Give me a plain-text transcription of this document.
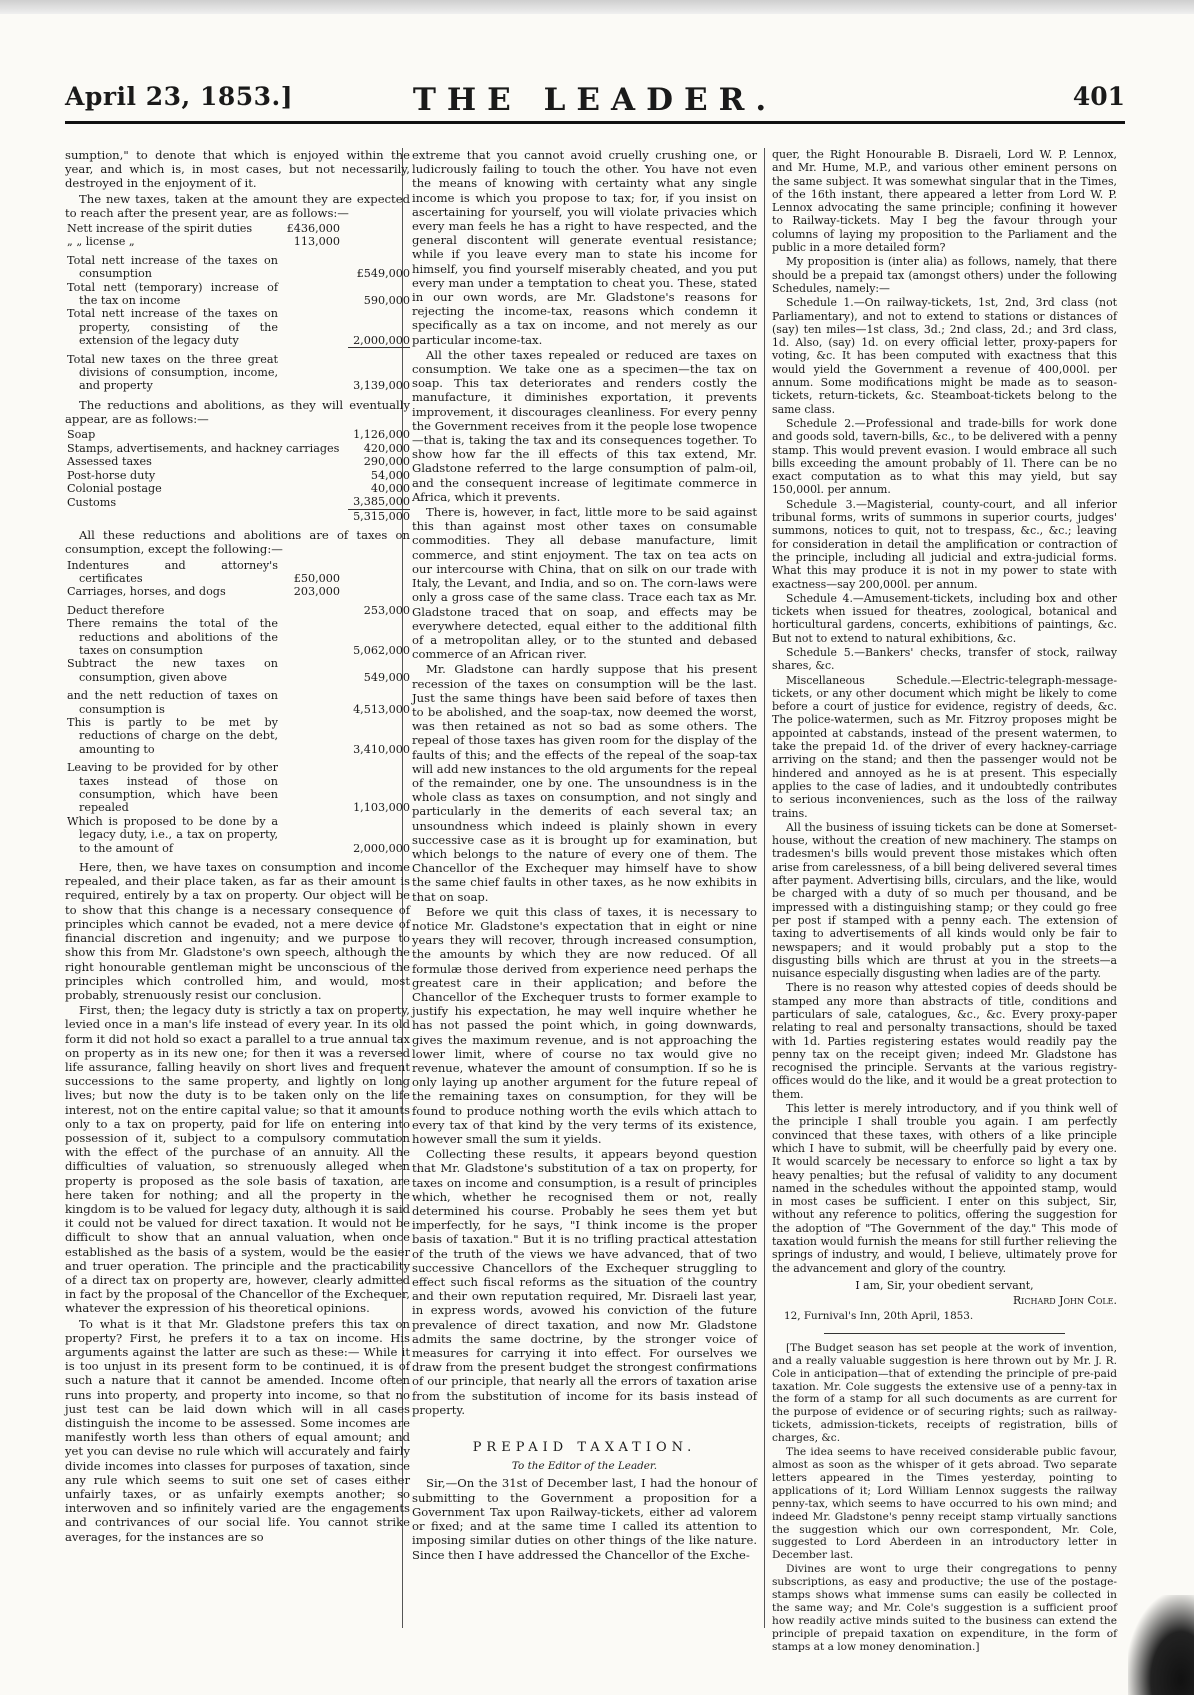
April 23, 1853.]	THE LEADER.	401

sumption," to denote that which is enjoyed within the year, and which is, in most cases, but not necessarily, destroyed in the enjoyment of it.

The new taxes, taken at the amount they are expected to reach after the present year, are as follows:—

Nett increase of the spirit duties	£436,000	
„ „ license „	113,000	
Total nett increase of the taxes on consumption		£549,000
Total nett (temporary) increase of the tax on income		590,000
Total nett increase of the taxes on property, consisting of the extension of the legacy duty		2,000,000
Total new taxes on the three great divisions of consumption, income, and property		3,139,000

The reductions and abolitions, as they will eventually appear, are as follows:—

Soap	1,126,000
Stamps, advertisements, and hackney carriages	420,000
Assessed taxes	290,000
Post-horse duty	54,000
Colonial postage	40,000
Customs	3,385,000
	5,315,000

All these reductions and abolitions are of taxes on consumption, except the following:—

Indentures and attorney's certificates	£50,000	
Carriages, horses, and dogs	203,000	
Deduct therefore		253,000
There remains the total of the reductions and abolitions of the taxes on consumption		5,062,000
Subtract the new taxes on consumption, given above		549,000
and the nett reduction of taxes on consumption is		4,513,000
This is partly to be met by reductions of charge on the debt, amounting to		3,410,000
Leaving to be provided for by other taxes instead of those on consumption, which have been repealed		1,103,000
Which is proposed to be done by a legacy duty, i.e., a tax on property, to the amount of		2,000,000

Here, then, we have taxes on consumption and income repealed, and their place taken, as far as their amount is required, entirely by a tax on property. Our object will be to show that this change is a necessary consequence of principles which cannot be evaded, not a mere device of financial discretion and ingenuity; and we purpose to show this from Mr. Gladstone's own speech, although the right honourable gentleman might be unconscious of the principles which controlled him, and would, most probably, strenuously resist our conclusion.

First, then; the legacy duty is strictly a tax on property, levied once in a man's life instead of every year. In its old form it did not hold so exact a parallel to a true annual tax on property as in its new one; for then it was a reversed life assurance, falling heavily on short lives and frequent successions to the same property, and lightly on long lives; but now the duty is to be taken only on the life interest, not on the entire capital value; so that it amounts only to a tax on property, paid for life on entering into possession of it, subject to a compulsory commutation with the effect of the purchase of an annuity. All the difficulties of valuation, so strenuously alleged when property is proposed as the sole basis of taxation, are here taken for nothing; and all the property in the kingdom is to be valued for legacy duty, although it is said it could not be valued for direct taxation. It would not be difficult to show that an annual valuation, when once established as the basis of a system, would be the easier and truer operation. The principle and the practicability of a direct tax on property are, however, clearly admitted in fact by the proposal of the Chancellor of the Exchequer, whatever the expression of his theoretical opinions.

To what is it that Mr. Gladstone prefers this tax on property? First, he prefers it to a tax on income. His arguments against the latter are such as these:— While it is too unjust in its present form to be continued, it is of such a nature that it cannot be amended. Income often runs into property, and property into income, so that no just test can be laid down which will in all cases distinguish the income to be assessed. Some incomes are manifestly worth less than others of equal amount; and yet you can devise no rule which will accurately and fairly divide incomes into classes for purposes of taxation, since any rule which seems to suit one set of cases either unfairly taxes, or as unfairly exempts another; so interwoven and so infinitely varied are the engagements and contrivances of our social life. You cannot strike averages, for the instances are so

extreme that you cannot avoid cruelly crushing one, or ludicrously failing to touch the other. You have not even the means of knowing with certainty what any single income is which you propose to tax; for, if you insist on ascertaining for yourself, you will violate privacies which every man feels he has a right to have respected, and the general discontent will generate eventual resistance; while if you leave every man to state his income for himself, you find yourself miserably cheated, and you put every man under a temptation to cheat you. These, stated in our own words, are Mr. Gladstone's reasons for rejecting the income-tax, reasons which condemn it specifically as a tax on income, and not merely as our particular income-tax.

All the other taxes repealed or reduced are taxes on consumption. We take one as a specimen—the tax on soap. This tax deteriorates and renders costly the manufacture, it diminishes exportation, it prevents improvement, it discourages cleanliness. For every penny the Government receives from it the people lose twopence—that is, taking the tax and its consequences together. To show how far the ill effects of this tax extend, Mr. Gladstone referred to the large consumption of palm-oil, and the consequent increase of legitimate commerce in Africa, which it prevents.

There is, however, in fact, little more to be said against this than against most other taxes on consumable commodities. They all debase manufacture, limit commerce, and stint enjoyment. The tax on tea acts on our intercourse with China, that on silk on our trade with Italy, the Levant, and India, and so on. The corn-laws were only a gross case of the same class. Trace each tax as Mr. Gladstone traced that on soap, and effects may be everywhere detected, equal either to the additional filth of a metropolitan alley, or to the stunted and debased commerce of an African river.

Mr. Gladstone can hardly suppose that his present recession of the taxes on consumption will be the last. Just the same things have been said before of taxes then to be abolished, and the soap-tax, now deemed the worst, was then retained as not so bad as some others. The repeal of those taxes has given room for the display of the faults of this; and the effects of the repeal of the soap-tax will add new instances to the old arguments for the repeal of the remainder, one by one. The unsoundness is in the whole class as taxes on consumption, and not singly and particularly in the demerits of each several tax; an unsoundness which indeed is plainly shown in every successive case as it is brought up for examination, but which belongs to the nature of every one of them. The Chancellor of the Exchequer may himself have to show the same chief faults in other taxes, as he now exhibits in that on soap.

Before we quit this class of taxes, it is necessary to notice Mr. Gladstone's expectation that in eight or nine years they will recover, through increased consumption, the amounts by which they are now reduced. Of all formulæ those derived from experience need perhaps the greatest care in their application; and before the Chancellor of the Exchequer trusts to former example to justify his expectation, he may well inquire whether he has not passed the point which, in going downwards, gives the maximum revenue, and is not approaching the lower limit, where of course no tax would give no revenue, whatever the amount of consumption. If so he is only laying up another argument for the future repeal of the remaining taxes on consumption, for they will be found to produce nothing worth the evils which attach to every tax of that kind by the very terms of its existence, however small the sum it yields.

Collecting these results, it appears beyond question that Mr. Gladstone's substitution of a tax on property, for taxes on income and consumption, is a result of principles which, whether he recognised them or not, really determined his course. Probably he sees them yet but imperfectly, for he says, "I think income is the proper basis of taxation." But it is no trifling practical attestation of the truth of the views we have advanced, that of two successive Chancellors of the Exchequer struggling to effect such fiscal reforms as the situation of the country and their own reputation required, Mr. Disraeli last year, in express words, avowed his conviction of the future prevalence of direct taxation, and now Mr. Gladstone admits the same doctrine, by the stronger voice of measures for carrying it into effect. For ourselves we draw from the present budget the strongest confirmations of our principle, that nearly all the errors of taxation arise from the substitution of income for its basis instead of property.

PREPAID TAXATION.
To the Editor of the Leader.

Sir,—On the 31st of December last, I had the honour of submitting to the Government a proposition for a Government Tax upon Railway-tickets, either ad valorem or fixed; and at the same time I called its attention to imposing similar duties on other things of the like nature. Since then I have addressed the Chancellor of the Exche-

quer, the Right Honourable B. Disraeli, Lord W. P. Lennox, and Mr. Hume, M.P., and various other eminent persons on the same subject. It was somewhat singular that in the Times, of the 16th instant, there appeared a letter from Lord W. P. Lennox advocating the same principle; confining it however to Railway-tickets. May I beg the favour through your columns of laying my proposition to the Parliament and the public in a more detailed form?

My proposition is (inter alia) as follows, namely, that there should be a prepaid tax (amongst others) under the following Schedules, namely:—

Schedule 1.—On railway-tickets, 1st, 2nd, 3rd class (not Parliamentary), and not to extend to stations or distances of (say) ten miles—1st class, 3d.; 2nd class, 2d.; and 3rd class, 1d. Also, (say) 1d. on every official letter, proxy-papers for voting, &c. It has been computed with exactness that this would yield the Government a revenue of 400,000l. per annum. Some modifications might be made as to season-tickets, return-tickets, &c. Steamboat-tickets belong to the same class.

Schedule 2.—Professional and trade-bills for work done and goods sold, tavern-bills, &c., to be delivered with a penny stamp. This would prevent evasion. I would embrace all such bills exceeding the amount probably of 1l. There can be no exact computation as to what this may yield, but say 150,000l. per annum.

Schedule 3.—Magisterial, county-court, and all inferior tribunal forms, writs of summons in superior courts, judges' summons, notices to quit, not to trespass, &c., &c.; leaving for consideration in detail the amplification or contraction of the principle, including all judicial and extra-judicial forms. What this may produce it is not in my power to state with exactness—say 200,000l. per annum.

Schedule 4.—Amusement-tickets, including box and other tickets when issued for theatres, zoological, botanical and horticultural gardens, concerts, exhibitions of paintings, &c. But not to extend to natural exhibitions, &c.

Schedule 5.—Bankers' checks, transfer of stock, railway shares, &c.

Miscellaneous Schedule.—Electric-telegraph-message-tickets, or any other document which might be likely to come before a court of justice for evidence, registry of deeds, &c. The police-watermen, such as Mr. Fitzroy proposes might be appointed at cabstands, instead of the present watermen, to take the prepaid 1d. of the driver of every hackney-carriage arriving on the stand; and then the passenger would not be hindered and annoyed as he is at present. This especially applies to the case of ladies, and it undoubtedly contributes to serious inconveniences, such as the loss of the railway trains.

All the business of issuing tickets can be done at Somerset-house, without the creation of new machinery. The stamps on tradesmen's bills would prevent those mistakes which often arise from carelessness, of a bill being delivered several times after payment. Advertising bills, circulars, and the like, would be charged with a duty of so much per thousand, and be impressed with a distinguishing stamp; or they could go free per post if stamped with a penny each. The extension of taxing to advertisements of all kinds would only be fair to newspapers; and it would probably put a stop to the disgusting bills which are thrust at you in the streets—a nuisance especially disgusting when ladies are of the party.

There is no reason why attested copies of deeds should be stamped any more than abstracts of title, conditions and particulars of sale, catalogues, &c., &c. Every proxy-paper relating to real and personalty transactions, should be taxed with 1d. Parties registering estates would readily pay the penny tax on the receipt given; indeed Mr. Gladstone has recognised the principle. Servants at the various registry-offices would do the like, and it would be a great protection to them.

This letter is merely introductory, and if you think well of the principle I shall trouble you again. I am perfectly convinced that these taxes, with others of a like principle which I have to submit, will be cheerfully paid by every one. It would scarcely be necessary to enforce so light a tax by heavy penalties; but the refusal of validity to any document named in the schedules without the appointed stamp, would in most cases be sufficient. I enter on this subject, Sir, without any reference to politics, offering the suggestion for the adoption of "The Government of the day." This mode of taxation would furnish the means for still further relieving the springs of industry, and would, I believe, ultimately prove for the advancement and glory of the country.

I am, Sir, your obedient servant,

Richard John Cole.
12, Furnival's Inn, 20th April, 1853.

[The Budget season has set people at the work of invention, and a really valuable suggestion is here thrown out by Mr. J. R. Cole in anticipation—that of extending the principle of pre-paid taxation. Mr. Cole suggests the extensive use of a penny-tax in the form of a stamp for all such documents as are current for the purpose of evidence or of securing rights; such as railway-tickets, admission-tickets, receipts of registration, bills of charges, &c.

The idea seems to have received considerable public favour, almost as soon as the whisper of it gets abroad. Two separate letters appeared in the Times yesterday, pointing to applications of it; Lord William Lennox suggests the railway penny-tax, which seems to have occurred to his own mind; and indeed Mr. Gladstone's penny receipt stamp virtually sanctions the suggestion which our own correspondent, Mr. Cole, suggested to Lord Aberdeen in an introductory letter in December last.

Divines are wont to urge their congregations to penny subscriptions, as easy and productive; the use of the postage-stamps shows what immense sums can easily be collected in the same way; and Mr. Cole's suggestion is a sufficient proof how readily active minds suited to the business can extend the principle of prepaid taxation on expenditure, in the form of stamps at a low money denomination.]
